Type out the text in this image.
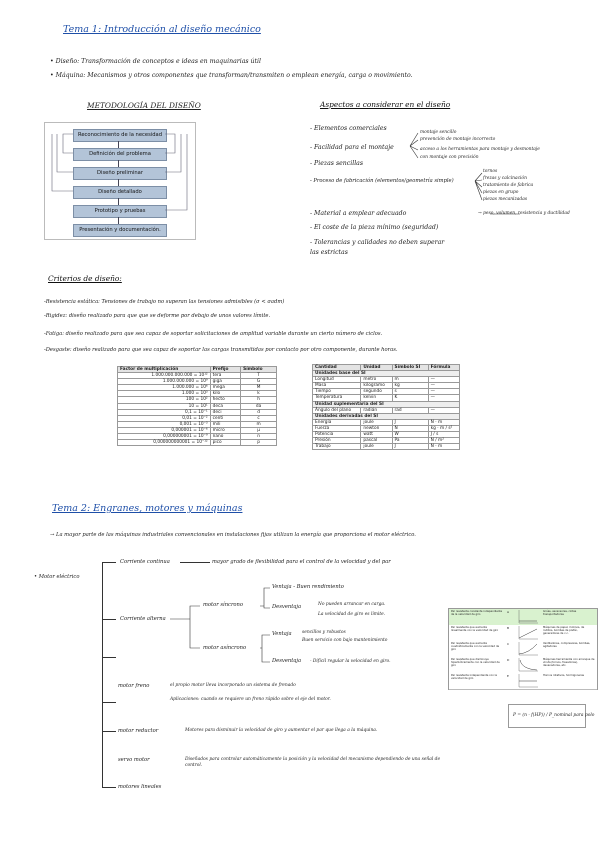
Tema 1: Introducción al diseño mecánico
• Diseño: Transformación de conceptos e ideas en maquinarias útil
• Máquina: Mecanismos y otros componentes que transforman/transmiten o emplean energía, carga o movimiento.
METODOLOGÍA DEL DISEÑO
Reconocimiento de la necesidad
Definición del problema
Diseño preliminar
Diseño detallado
Prototipo y pruebas
Presentación y documentación.
Aspectos a considerar en el diseño
- Elementos comerciales
- Facilidad para el montaje
- Piezas sencillas
- Proceso de fabricación (elementos/geometría simple)
- Material a emplear adecuado
- El coste de la pieza mínimo (seguridad)
- Tolerancias y calidades no deben superar
las estrictas
montaje sencillo
prevención de montaje incorrecto
acceso a los herramientas para montaje y desmontaje
con montaje con precisión
tornos
frezas y calcinación
tratamiento de fabrica
piezas en grupo
piezas mecanizadas
→ peso, volumen, resistencia y ductilidad
Criterios de diseño:
-Resistencia estática: Tensiones de trabajo no superan las tensiones admisibles (σ < σadm)
-Rigidez: diseño realizado para que que se deforme por debajo de unos valores límite.
-Fatiga: diseño realizado para que sea capaz de soportar solicitaciones de amplitud variable durante un cierto número de ciclos.
-Desgaste: diseño realizado para que sea capaz de soportar las cargas transmitidas por contacto por otro componente, durante horas.
Factor de multiplicación	Prefijo	Símbolo
1.000.000.000.000 = 10¹²	tera	T
1.000.000.000 = 10⁹	giga	G
1.000.000 = 10⁶	mega	M
1.000 = 10³	kilo	k
100 = 10²	hecto	h
10 = 10¹	deca	da
0,1 = 10⁻¹	deci	d
0,01 = 10⁻²	centi	c
0,001 = 10⁻³	mili	m
0,000001 = 10⁻⁶	micro	µ
0,000000001 = 10⁻⁹	nano	n
0,000000000001 = 10⁻¹²	pico	p
Cantidad	Unidad	Símbolo SI	Fórmula
Unidades base del SI			
Longitud	metro	m	—
Masa	kilogramo	kg	—
Tiempo	segundo	s	—
Temperatura	kelvin	K	—
Unidad suplementaria del SI			
Ángulo del plano	radián	rad	—
Unidades derivadas del SI			
Energía	joule	J	N · m
Fuerza	newton	N	kg · m / s²
Potencia	watt	W	J / s
Presión	pascal	Pa	N / m²
Trabajo	joule	J	N · m
Tema 2: Engranes, motores y máquinas
→ La mayor parte de las máquinas industriales convencionales en instalaciones fijas utilizan la energía que proporciona el motor eléctrico.
• Motor eléctrico
Corriente continua	mayor grado de flexibilidad para el control de la velocidad y del par
Corriente alterna
motor síncrono
Ventaja - Buen rendimiento
Desventaja	No pueden arrancar en carga.
La velocidad de giro es límite.
motor asíncrono
Ventaja sencillos y robustos
Buen servicio con bajo mantenimiento
Desventaja - Difícil regular la velocidad en giro.
motor freno	el propio motor lleva incorporado un sistema de frenado
Aplicaciones: cuando se requiere un freno rápido sobre el eje del motor.
motor reductor	Motores para disminuir la velocidad de giro y aumentar el par que llega a la máquina.
servo motor	Diseñados para controlar automáticamente la posición y la velocidad del mecanismo dependiendo de una señal de control.
motores lineales
Par resistente constante independiente de la velocidad de giro
A	Grúas, ascensores, cintas transportadoras
Par resistente que aumenta linealmente con la velocidad de giro
B	Máquinas de papel, molinos, de rodillos, bombas de pistón, generadores de c.c.
Par resistente que aumenta cuadráticamente con la velocidad de giro
C	Ventiladores, compresores, bombas, agitadores
Par resistente que disminuye hiperbólicamente con la velocidad de giro
D	Máquinas herramienta con arranque de viruta (tornos, fresadoras), devanadoras, etc.
Par resistente independiente con la velocidad de giro
E	Hornos rotativos, hormigoneras
P = (n · f(HP)) / P_nominal para polo
